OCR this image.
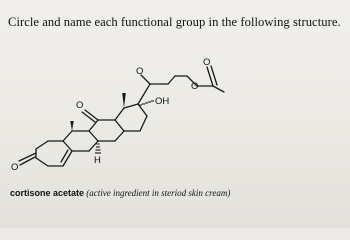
Circle and name each functional group in the following structure.
OH
H
O
O
O
O
O
cortisone acetate (active ingredient in steriod skin cream)
